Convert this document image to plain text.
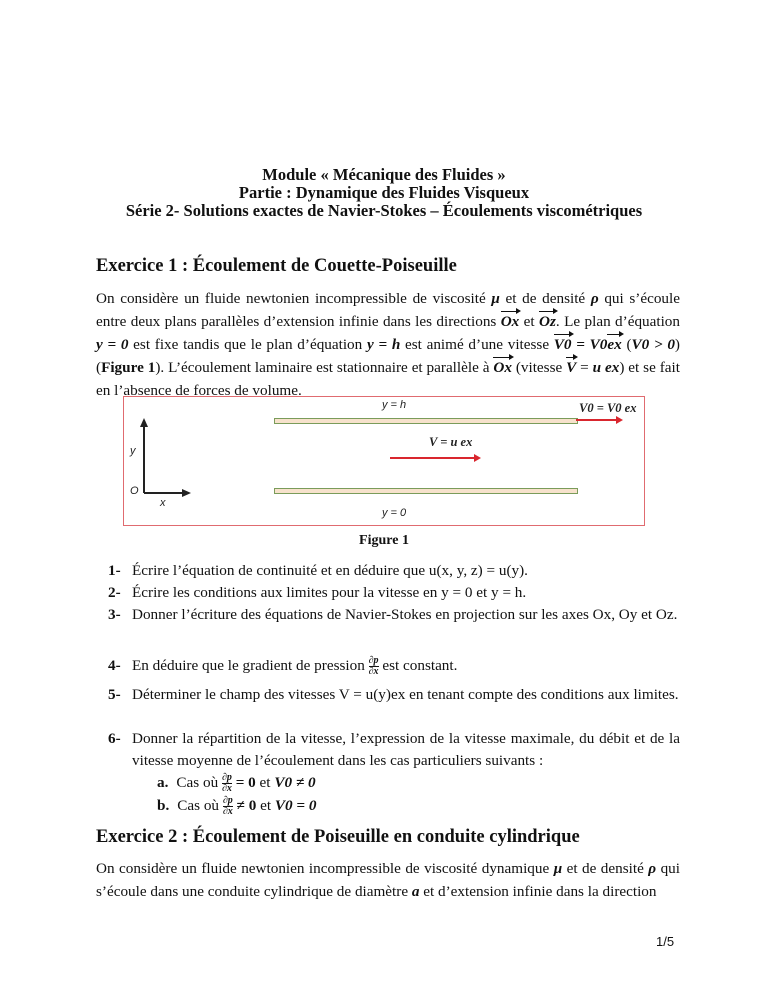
Module « Mécanique des Fluides »
Partie : Dynamique des Fluides Visqueux
Série 2- Solutions exactes de Navier-Stokes – Écoulements viscométriques
Exercice 1 : Écoulement de Couette-Poiseuille
On considère un fluide newtonien incompressible de viscosité μ et de densité ρ qui s’écoule entre deux plans parallèles d’extension infinie dans les directions Ox et Oz. Le plan d’équation y = 0 est fixe tandis que le plan d’équation y = h est animé d’une vitesse V0 = V0ex (V0 > 0) (Figure 1). L’écoulement laminaire est stationnaire et parallèle à Ox (vitesse V = u ex) et se fait en l’absence de forces de volume.
y = h
y = 0
V0 = V0 ex
V = u ex
y
O
x
Figure 1
1- Écrire l’équation de continuité et en déduire que u(x, y, z) = u(y).
2- Écrire les conditions aux limites pour la vitesse en y = 0 et y = h.
3- Donner l’écriture des équations de Navier-Stokes en projection sur les axes Ox, Oy et Oz.
4- En déduire que le gradient de pression $\frac{\partial p}{\partial x}$ est constant.
5- Déterminer le champ des vitesses V = u(y)ex en tenant compte des conditions aux limites.
6- Donner la répartition de la vitesse, l’expression de la vitesse maximale, du débit et de la vitesse moyenne de l’écoulement dans les cas particuliers suivants :
a. Cas où $\frac{\partial p}{\partial x} = 0$ et V0 ≠ 0
b. Cas où $\frac{\partial p}{\partial x} \ne 0$ et V0 = 0
Exercice 2 : Écoulement de Poiseuille en conduite cylindrique
On considère un fluide newtonien incompressible de viscosité dynamique μ et de densité ρ qui s’écoule dans une conduite cylindrique de diamètre a et d’extension infinie dans la direction
1/5
